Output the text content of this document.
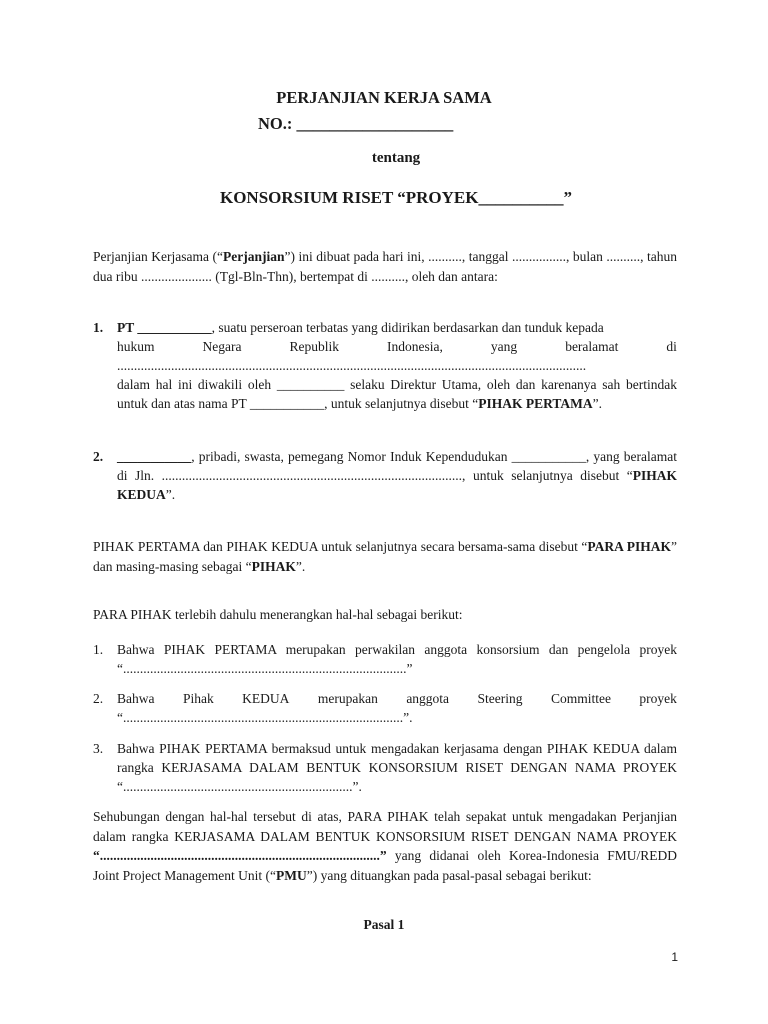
PERJANJIAN KERJA SAMA
NO.: ___________________
tentang
KONSORSIUM RISET “PROYEK__________”
Perjanjian Kerjasama (“Perjanjian”) ini dibuat pada hari ini, .........., tanggal ................, bulan .........., tahun dua ribu ..................... (Tgl-Bln-Thn), bertempat di .........., oleh dan antara:
1. PT ___________, suatu perseroan terbatas yang didirikan berdasarkan dan tunduk kepada
hukum	Negara	Republik	Indonesia,	yang	beralamat	di
...........................................................................................................................................
dalam hal ini diwakili oleh __________ selaku Direktur Utama, oleh dan karenanya sah bertindak untuk dan atas nama PT ___________, untuk selanjutnya disebut “PIHAK PERTAMA”.
2. ___________, pribadi, swasta, pemegang Nomor Induk Kependudukan ___________, yang beralamat di Jln. ........................................................................................., untuk selanjutnya disebut “PIHAK KEDUA”.
PIHAK PERTAMA dan PIHAK KEDUA untuk selanjutnya secara bersama-sama disebut “PARA PIHAK” dan masing-masing sebagai “PIHAK”.
PARA PIHAK terlebih dahulu menerangkan hal-hal sebagai berikut:
1. Bahwa PIHAK PERTAMA merupakan perwakilan anggota konsorsium dan pengelola proyek “....................................................................................”
2. Bahwa Pihak KEDUA merupakan anggota Steering Committee proyek
“...................................................................................”.
3. Bahwa PIHAK PERTAMA bermaksud untuk mengadakan kerjasama dengan PIHAK KEDUA dalam rangka KERJASAMA DALAM BENTUK KONSORSIUM RISET DENGAN NAMA PROYEK “....................................................................”.
Sehubungan dengan hal-hal tersebut di atas, PARA PIHAK telah sepakat untuk mengadakan Perjanjian dalam rangka KERJASAMA DALAM BENTUK KONSORSIUM RISET DENGAN NAMA PROYEK “...................................................................................” yang didanai oleh Korea-Indonesia FMU/REDD Joint Project Management Unit (“PMU”) yang dituangkan pada pasal-pasal sebagai berikut:
Pasal 1
1
